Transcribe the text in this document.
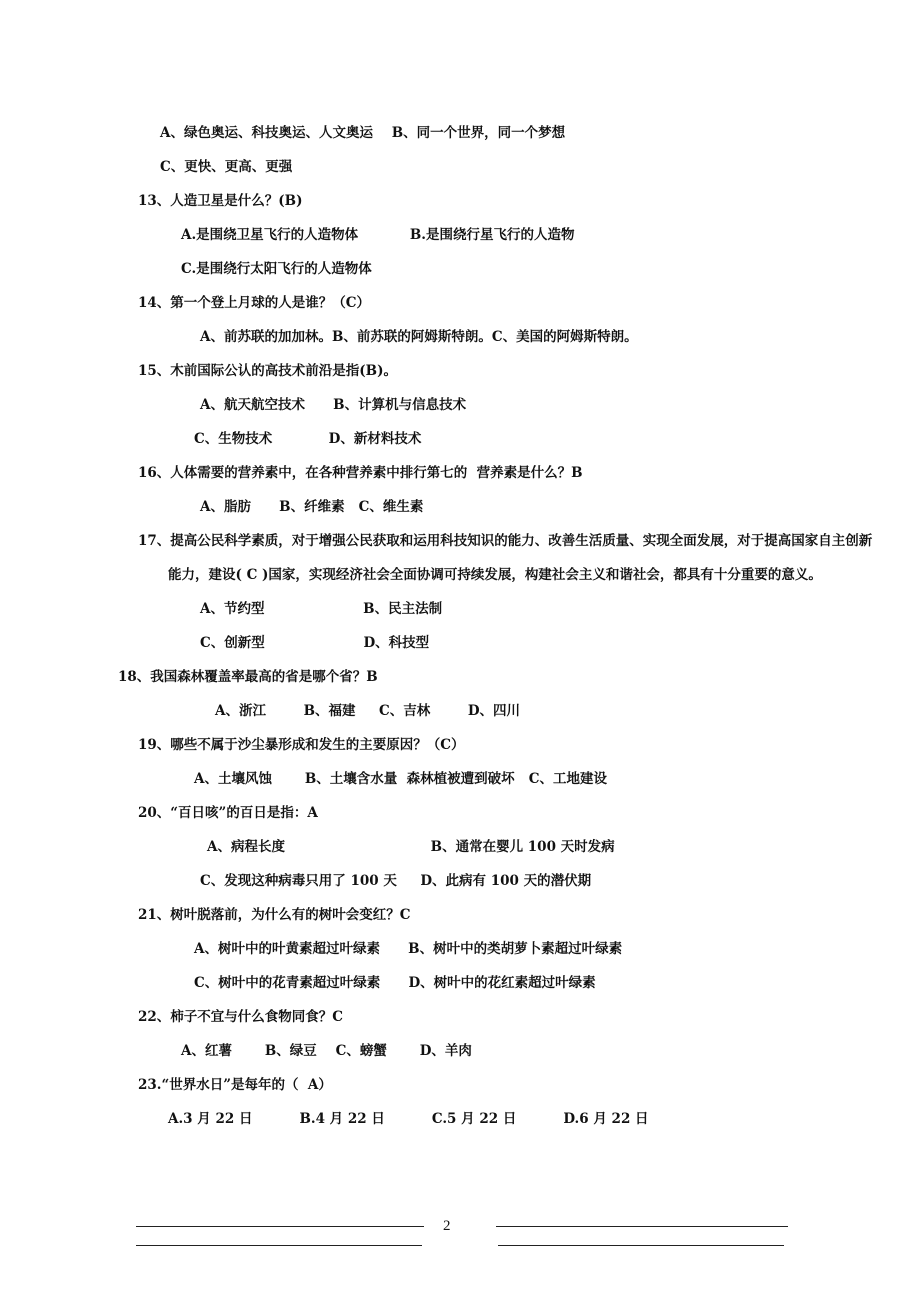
A、绿色奥运、科技奥运、人文奥运    B、同一个世界，同一个梦想
C、更快、更高、更强
13、人造卫星是什么？(B)
A.是围绕卫星飞行的人造物体           B.是围绕行星飞行的人造物
C.是围绕行太阳飞行的人造物体
14、第一个登上月球的人是谁？（C）
A、前苏联的加加林。B、前苏联的阿姆斯特朗。C、美国的阿姆斯特朗。
15、木前国际公认的高技术前沿是指(B)。
A、航天航空技术      B、计算机与信息技术
C、生物技术            D、新材料技术
16、人体需要的营养素中，在各种营养素中排行第七的  营养素是什么？B
A、脂肪      B、纤维素   C、维生素
17、提高公民科学素质，对于增强公民获取和运用科技知识的能力、改善生活质量、实现全面发展，对于提高国家自主创新
能力，建设( C )国家，实现经济社会全面协调可持续发展，构建社会主义和谐社会，都具有十分重要的意义。
A、节约型                     B、民主法制
C、创新型                     D、科技型
18、我国森林覆盖率最高的省是哪个省？B
A、浙江        B、福建     C、吉林        D、四川
19、哪些不属于沙尘暴形成和发生的主要原因？（C）
A、土壤风蚀       B、土壤含水量  森林植被遭到破坏   C、工地建设
20、“百日咳”的百日是指：A
A、病程长度                               B、通常在婴儿 100 天时发病
C、发现这种病毒只用了 100 天     D、此病有 100 天的潜伏期
21、树叶脱落前，为什么有的树叶会变红？C
A、树叶中的叶黄素超过叶绿素      B、树叶中的类胡萝卜素超过叶绿素
C、树叶中的花青素超过叶绿素      D、树叶中的花红素超过叶绿素
22、柿子不宜与什么食物同食？C
A、红薯       B、绿豆    C、螃蟹       D、羊肉
23.“世界水日”是每年的（  A）
A.3 月 22 日          B.4 月 22 日          C.5 月 22 日          D.6 月 22 日
2
